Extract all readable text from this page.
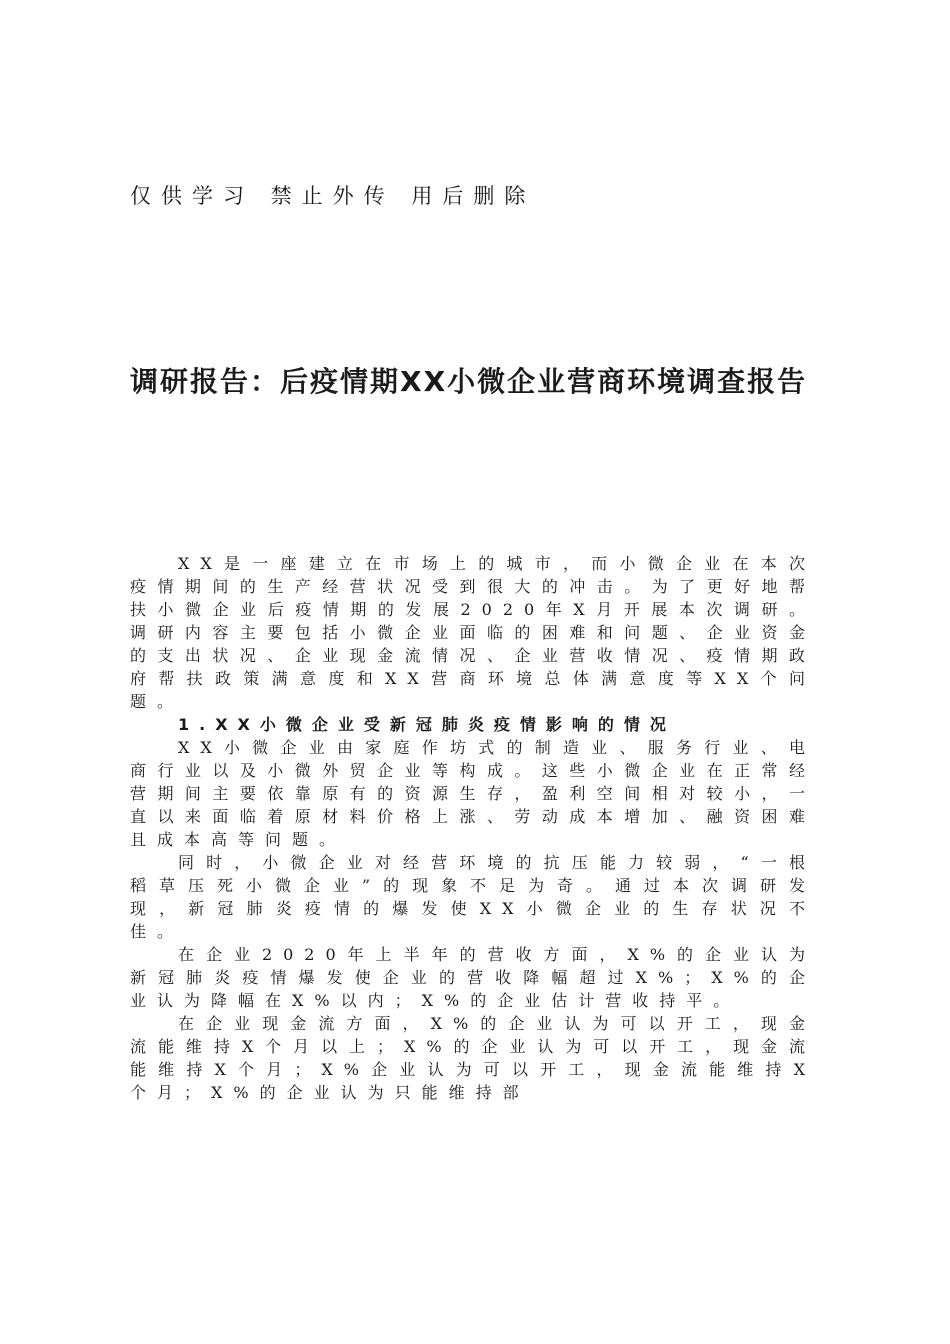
仅供学习 禁止外传 用后删除
调研报告：后疫情期XX小微企业营商环境调查报告

XX是一座建立在市场上的城市，而小微企业在本次疫情期间的生产经营状况受到很大的冲击。为了更好地帮扶小微企业后疫情期的发展2020年X月开展本次调研。调研内容主要包括小微企业面临的困难和问题、企业资金的支出状况、企业现金流情况、企业营收情况、疫情期政府帮扶政策满意度和XX营商环境总体满意度等XX个问题。

1.XX小微企业受新冠肺炎疫情影响的情况

XX小微企业由家庭作坊式的制造业、服务行业、电商行业以及小微外贸企业等构成。这些小微企业在正常经营期间主要依靠原有的资源生存，盈利空间相对较小，一直以来面临着原材料价格上涨、劳动成本增加、融资困难且成本高等问题。

同时，小微企业对经营环境的抗压能力较弱，“一根稻草压死小微企业”的现象不足为奇。通过本次调研发现，新冠肺炎疫情的爆发使XX小微企业的生存状况不佳。

在企业2020年上半年的营收方面，X%的企业认为新冠肺炎疫情爆发使企业的营收降幅超过X%；X%的企业认为降幅在X%以内；X%的企业估计营收持平。

在企业现金流方面，X%的企业认为可以开工，现金流能维持X个月以上；X%的企业认为可以开工，现金流能维持X个月；X%企业认为可以开工，现金流能维持X个月；X%的企业认为只能维持部
